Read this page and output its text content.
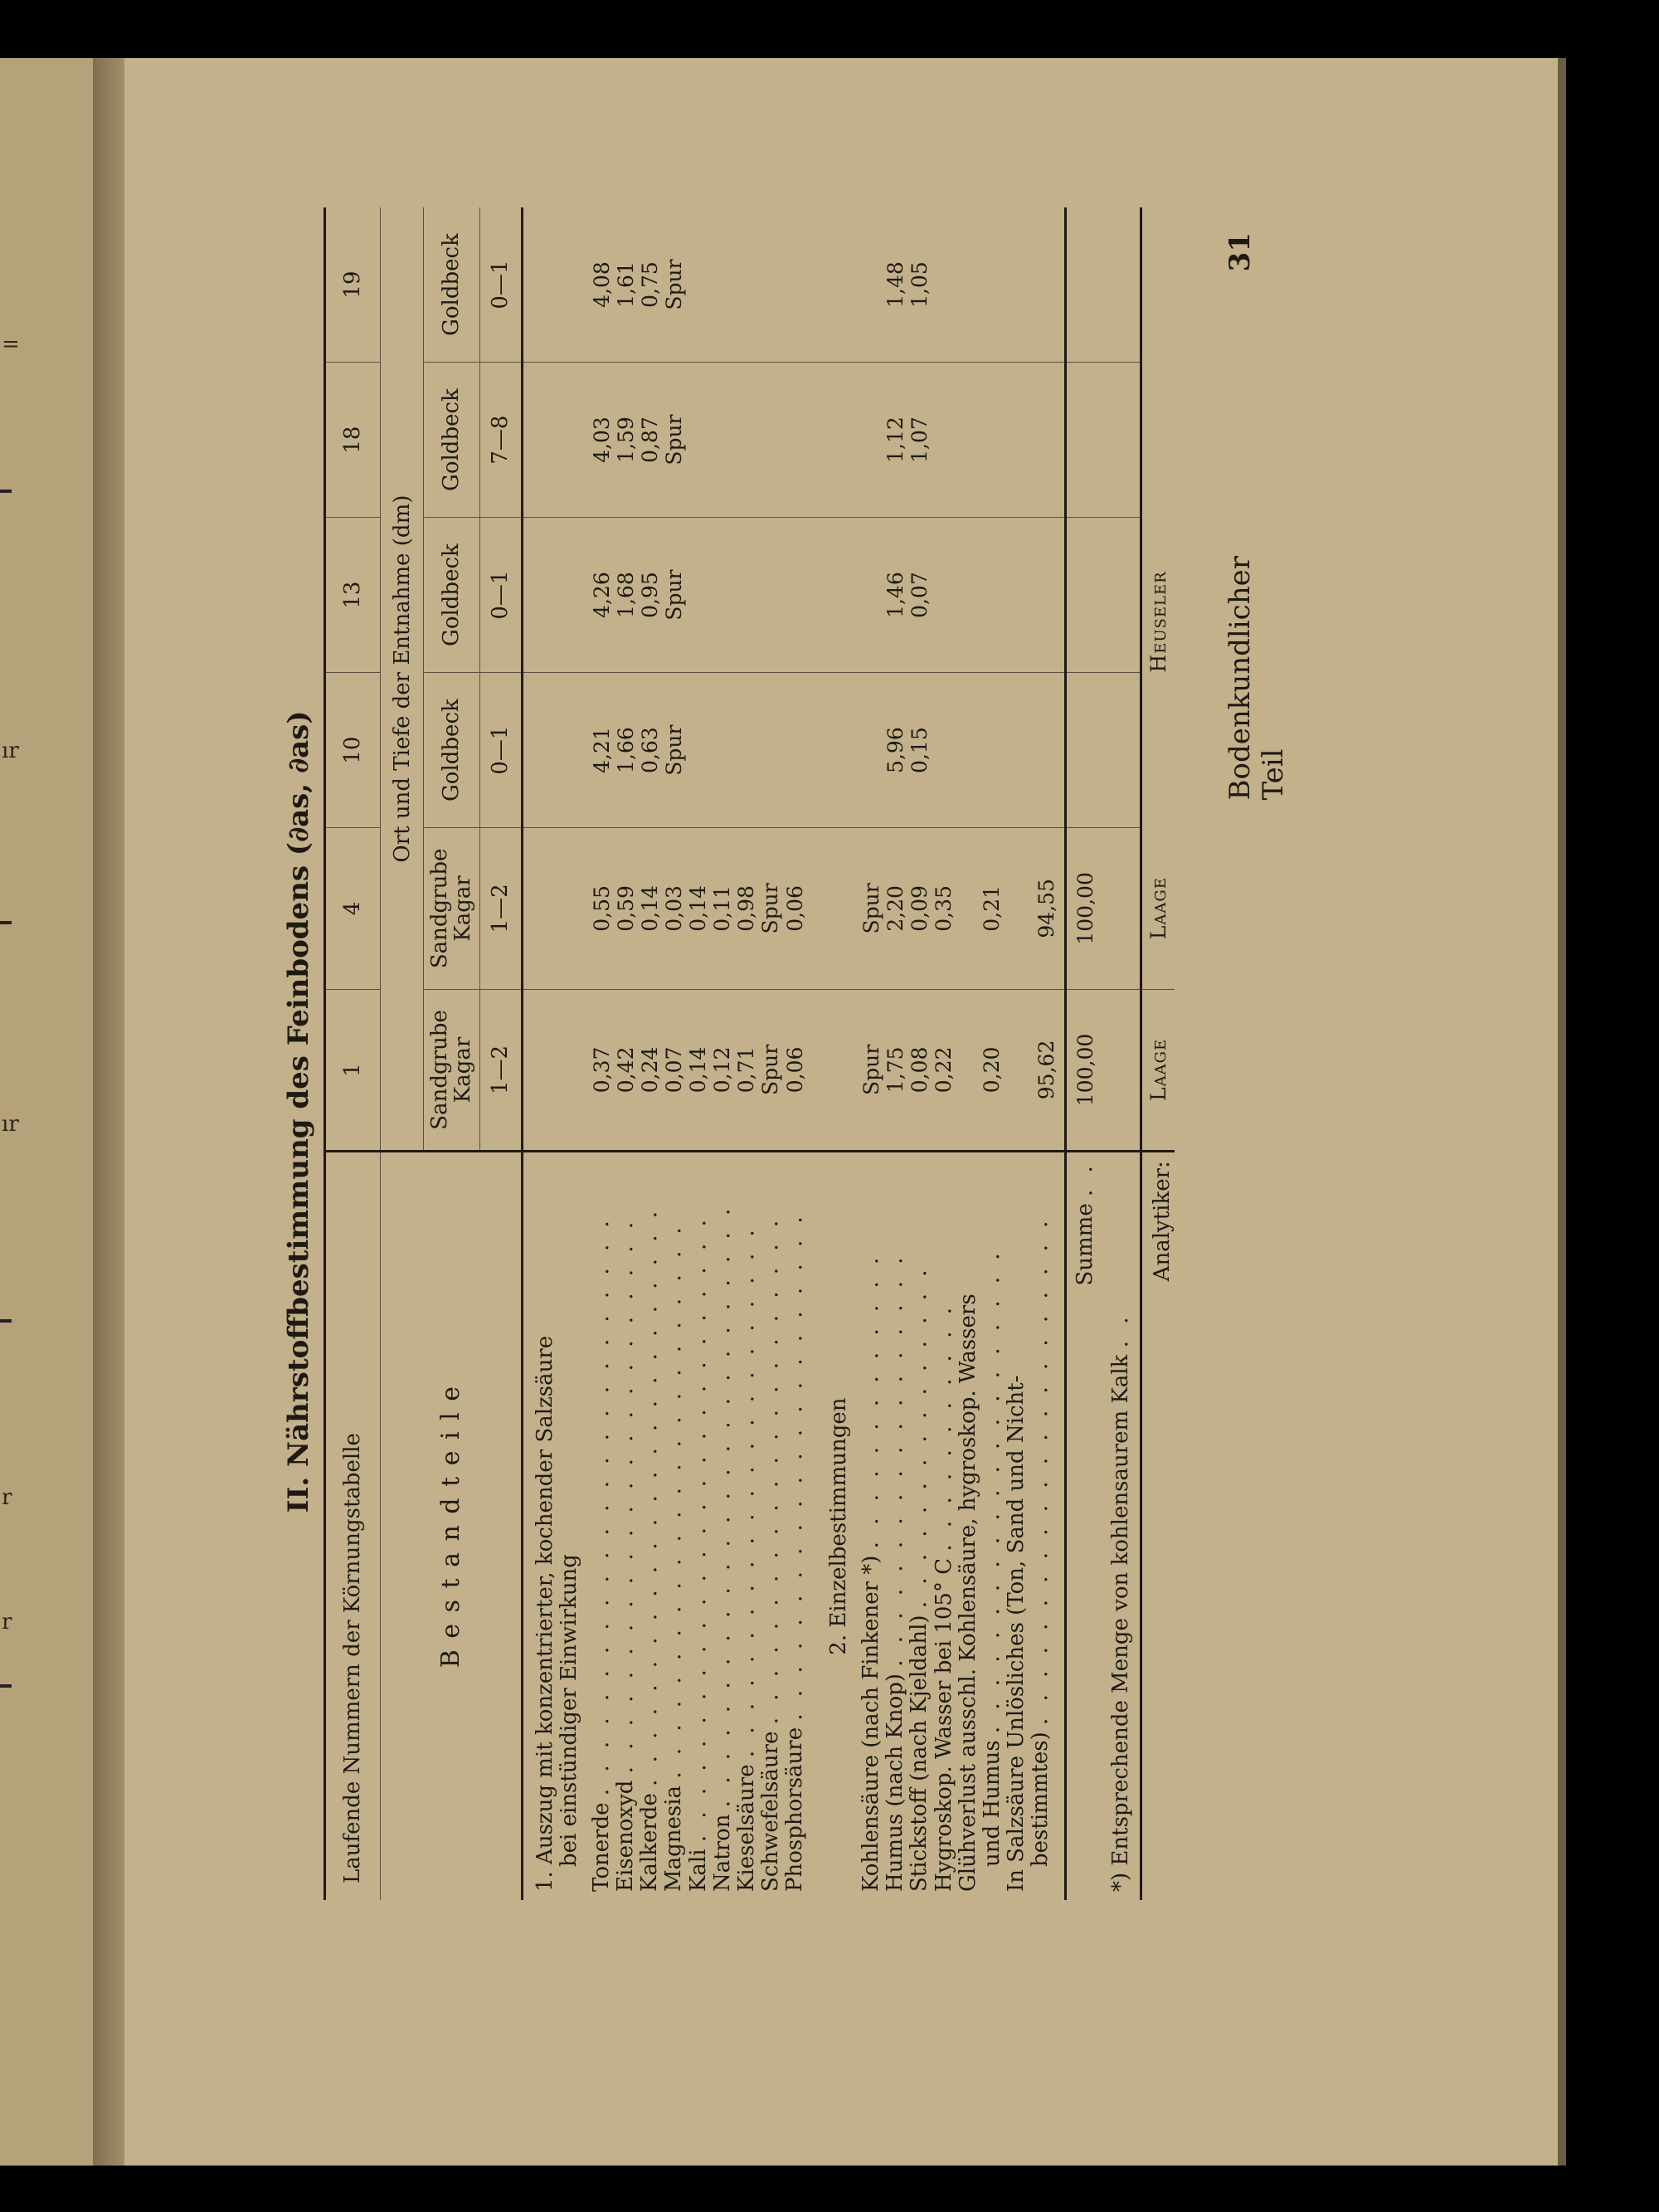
=
ır
ır
r
r
Bodenkundlicher Teil
31
II. Nährstoffbestimmung des Feinbodens (∂as, ∂as)
Laufende Nummern der Körnungstabelle	1	4	10	13	18	19
B e s t a n d t e i l e	Ort und Tiefe der Entnahme (dm)					
	Sandgrube Kagar	Sandgrube Kagar	Goldbeck	Goldbeck	Goldbeck	Goldbeck
	1—2	1—2	0—1	0—1	7—8	0—1
1. Auszug mit konzentrierter, kochender Salzsäure						
bei einstündiger Einwirkung						
Tonerde . . . . . . . . . . . . . . . . . . . . . . . . .	0,37	0,55	4,21	4,26	4,03	4,08
Eisenoxyd . . . . . . . . . . . . . . . . . . . . . . . .	0,42	0,59	1,66	1,68	1,59	1,61
Kalkerde . . . . . . . . . . . . . . . . . . . . . . . . .	0,24	0,14	0,63	0,95	0,87	0,75
Magnesia . . . . . . . . . . . . . . . . . . . . . . . .	0,07	0,03	Spur	Spur	Spur	Spur
Kali . . . . . . . . . . . . . . . . . . . . . . . . . . .	0,14	0,14				
Natron . . . . . . . . . . . . . . . . . . . . . . . . . .	0,12	0,11				
Kieselsäure . . . . . . . . . . . . . . . . . . . . . . .	0,71	0,98				
Schwefelsäure . . . . . . . . . . . . . . . . . . . . . .	Spur	Spur				
Phosphorsäure . . . . . . . . . . . . . . . . . . . . . .	0,06	0,06				
2. Einzelbestimmungen						
Kohlensäure (nach Finkener *) . . . . . . . . . . . . .	Spur	Spur				
Humus (nach Knop) . . . . . . . . . . . . . . . . . .	1,75	2,20	5,96	1,46	1,12	1,48
Stickstoff (nach Kjeldahl) . . . . . . . . . . . . . . .	0,08	0,09	0,15	0,07	1,07	1,05
Hygroskop. Wasser bei 105° C . . . . . . . . . . .	0,22	0,35				
Glühverlust ausschl. Kohlensäure, hygroskop. Wassers						
und Humus . . . . . . . . . . . . . . . . . . . . .	0,20	0,21				
In Salzsäure Unlösliches (Ton, Sand und Nicht-						
bestimmtes) . . . . . . . . . . . . . . . . . . . . . .	95,62	94,55				
Summe . .	100,00	100,00				
*) Entsprechende Menge von kohlensaurem Kalk . .						
Analytiker:	Laage	Laage		Heuseler		
